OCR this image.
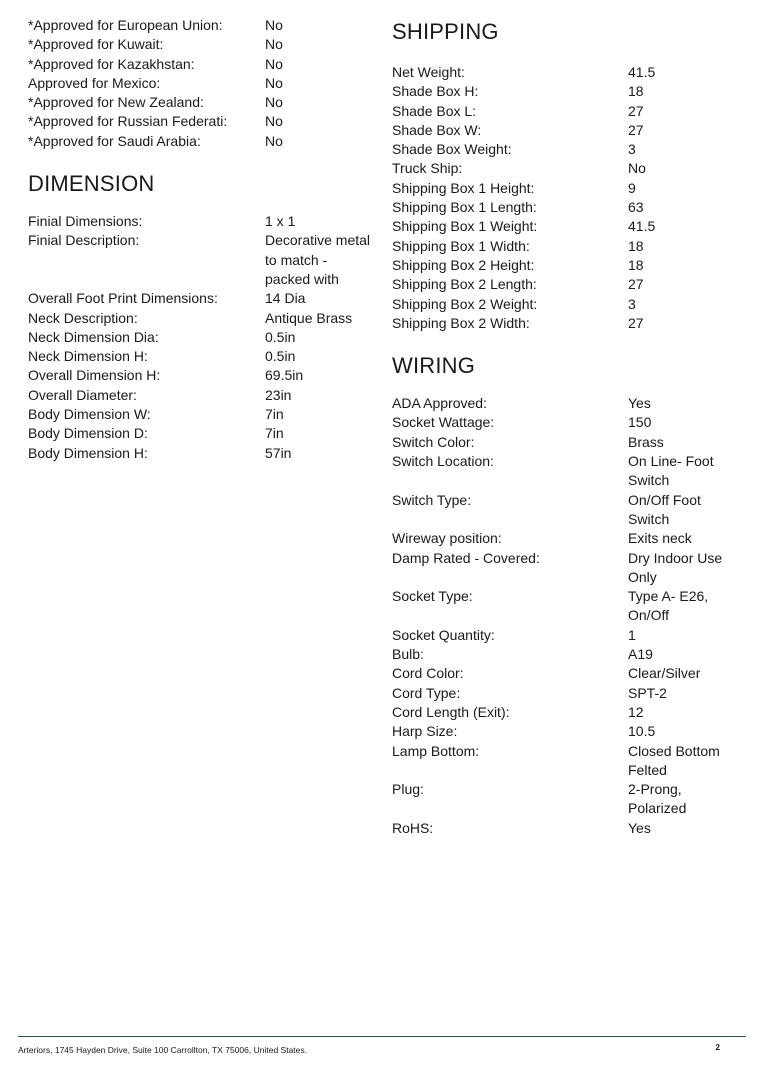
*Approved for European Union:	No
*Approved for Kuwait:	No
*Approved for Kazakhstan:	No
Approved for Mexico:	No
*Approved for New Zealand:	No
*Approved for Russian Federati:	No
*Approved for Saudi Arabia:	No
DIMENSION
Finial Dimensions:	1 x 1
Finial Description:	Decorative metal to match - packed with
Overall Foot Print Dimensions:	14 Dia
Neck Description:	Antique Brass
Neck Dimension Dia:	0.5in
Neck Dimension H:	0.5in
Overall Dimension H:	69.5in
Overall Diameter:	23in
Body Dimension W:	7in
Body Dimension D:	7in
Body Dimension H:	57in
SHIPPING
Net Weight:	41.5
Shade Box H:	18
Shade Box L:	27
Shade Box W:	27
Shade Box Weight:	3
Truck Ship:	No
Shipping Box 1 Height:	9
Shipping Box 1 Length:	63
Shipping Box 1 Weight:	41.5
Shipping Box 1 Width:	18
Shipping Box 2 Height:	18
Shipping Box 2 Length:	27
Shipping Box 2 Weight:	3
Shipping Box 2 Width:	27
WIRING
ADA Approved:	Yes
Socket Wattage:	150
Switch Color:	Brass
Switch Location:	On Line- Foot Switch
Switch Type:	On/Off Foot Switch
Wireway position:	Exits neck
Damp Rated - Covered:	Dry Indoor Use Only
Socket Type:	Type A- E26, On/Off
Socket Quantity:	1
Bulb:	A19
Cord Color:	Clear/Silver
Cord Type:	SPT-2
Cord Length (Exit):	12
Harp Size:	10.5
Lamp Bottom:	Closed Bottom Felted
Plug:	2-Prong, Polarized
RoHS:	Yes
Arteriors, 1745 Hayden Drive, Suite 100 Carrollton, TX 75006, United States.	2
